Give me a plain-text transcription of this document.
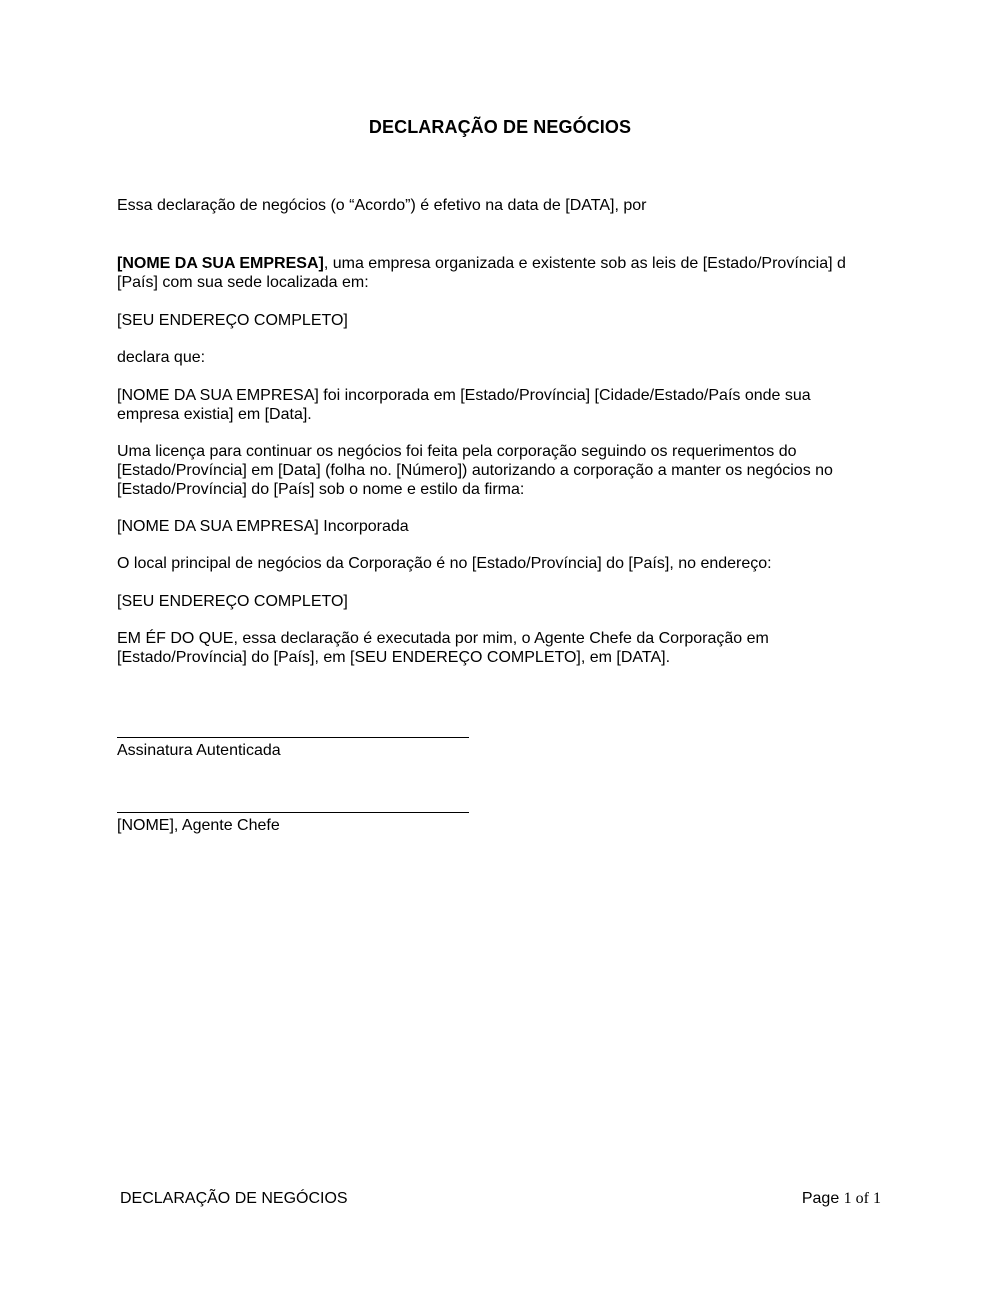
DECLARAÇÃO DE NEGÓCIOS
Essa declaração de negócios (o “Acordo”) é efetivo na data de [DATA], por
[NOME DA SUA EMPRESA], uma empresa organizada e existente sob as leis de [Estado/Província] d
[País] com sua sede localizada em:
[SEU ENDEREÇO COMPLETO]
declara que:
[NOME DA SUA EMPRESA] foi incorporada em [Estado/Província] [Cidade/Estado/País onde sua
empresa existia] em [Data].
Uma licença para continuar os negócios foi feita pela corporação seguindo os requerimentos do
[Estado/Província] em [Data] (folha no. [Número]) autorizando a corporação a manter os negócios no
[Estado/Província] do [País] sob o nome e estilo da firma:
[NOME DA SUA EMPRESA] Incorporada
O local principal de negócios da Corporação é no [Estado/Província] do [País], no endereço:
[SEU ENDEREÇO COMPLETO]
EM ÉF DO QUE, essa declaração é executada por mim, o Agente Chefe da Corporação em
[Estado/Província] do [País], em [SEU ENDEREÇO COMPLETO], em [DATA].
Assinatura Autenticada
[NOME], Agente Chefe
DECLARAÇÃO DE NEGÓCIOS	Page 1 of 1
